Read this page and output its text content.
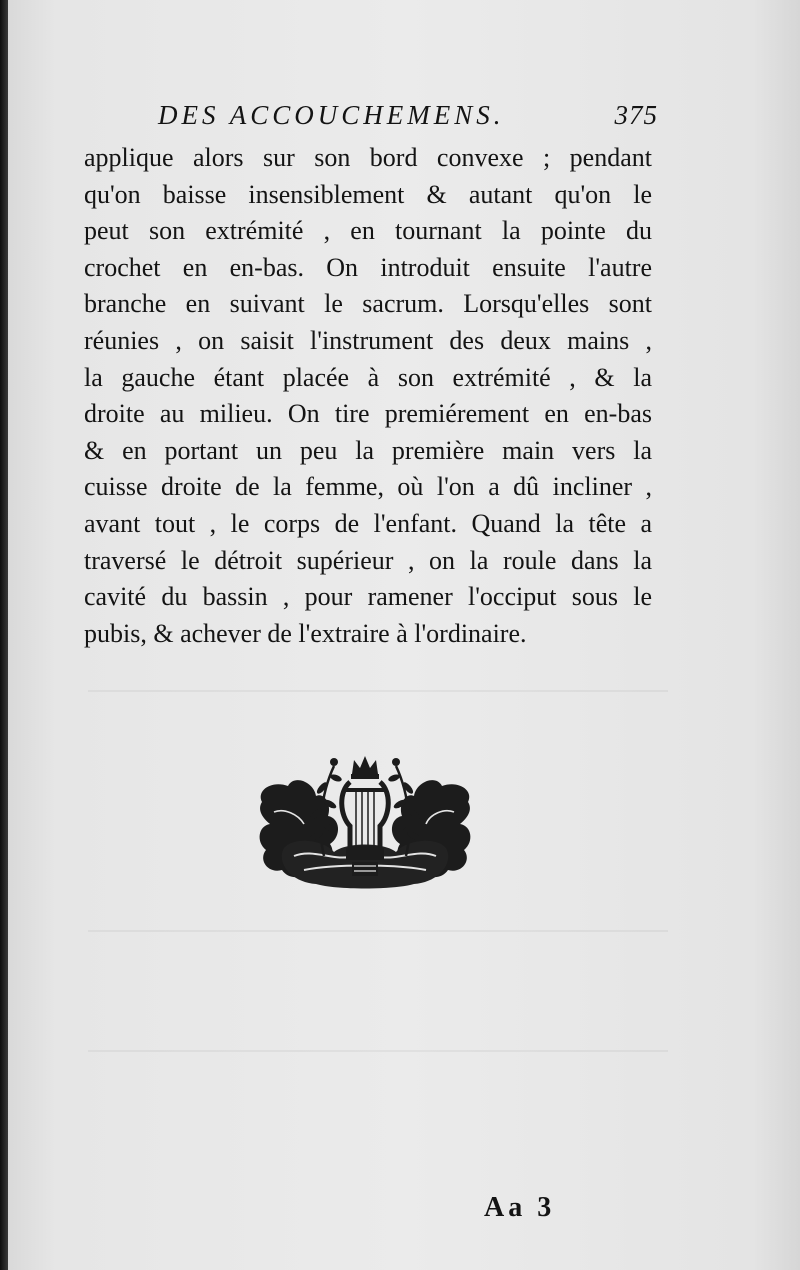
DES ACCOUCHEMENS.	375
applique alors sur son bord convexe ; pendant
qu'on baisse insensiblement & autant qu'on le
peut son extrémité , en tournant la pointe du
crochet en en-bas. On introduit ensuite l'autre
branche en suivant le sacrum. Lorsqu'elles sont
réunies , on saisit l'instrument des deux mains ,
la gauche étant placée à son extrémité , & la
droite au milieu. On tire premiérement en en-bas
& en portant un peu la première main vers la
cuisse droite de la femme, où l'on a dû incliner ,
avant tout , le corps de l'enfant. Quand la tête a
traversé le détroit supérieur , on la roule dans la
cavité du bassin , pour ramener l'occiput sous le
pubis, & achever de l'extraire à l'ordinaire.
Aa 3
